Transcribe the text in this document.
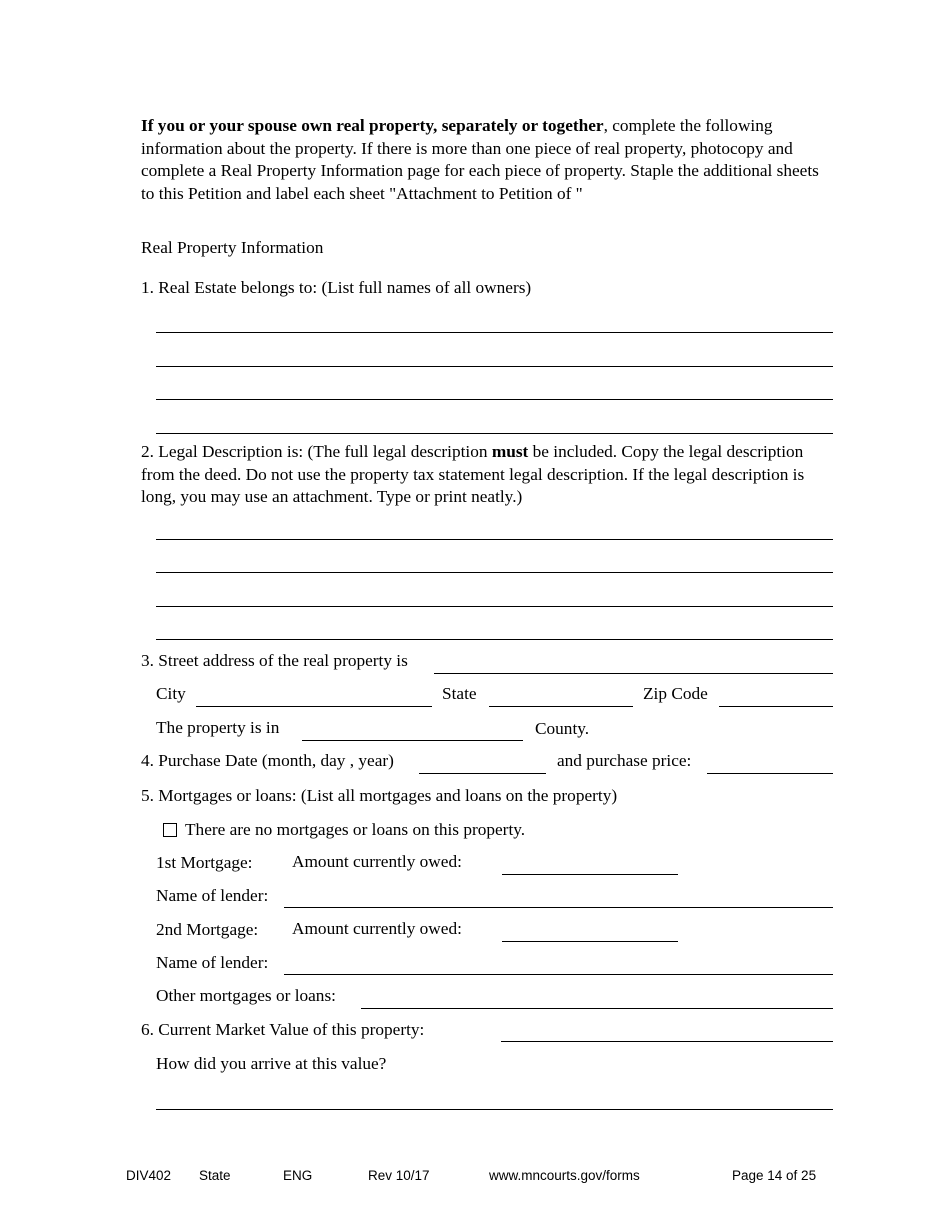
If you or your spouse own real property, separately or together, complete the following information about the property. If there is more than one piece of real property, photocopy and complete a Real Property Information page for each piece of property. Staple the additional sheets to this Petition and label each sheet "Attachment to Petition of "
Real Property Information
1. Real Estate belongs to: (List full names of all owners)
2. Legal Description is: (The full legal description must be included. Copy the legal description from the deed. Do not use the property tax statement legal description. If the legal description is long, you may use an attachment. Type or print neatly.)
3. Street address of the real property is
City	State	Zip Code
The property is in	County.
4. Purchase Date (month, day , year)	and purchase price:
5. Mortgages or loans: (List all mortgages and loans on the property)
There are no mortgages or loans on this property.
1st Mortgage: Amount currently owed:
Name of lender:
2nd Mortgage: Amount currently owed:
Name of lender:
Other mortgages or loans:
6. Current Market Value of this property:
How did you arrive at this value?
DIV402 State	ENG	Rev 10/17	www.mncourts.gov/forms	Page 14 of 25
